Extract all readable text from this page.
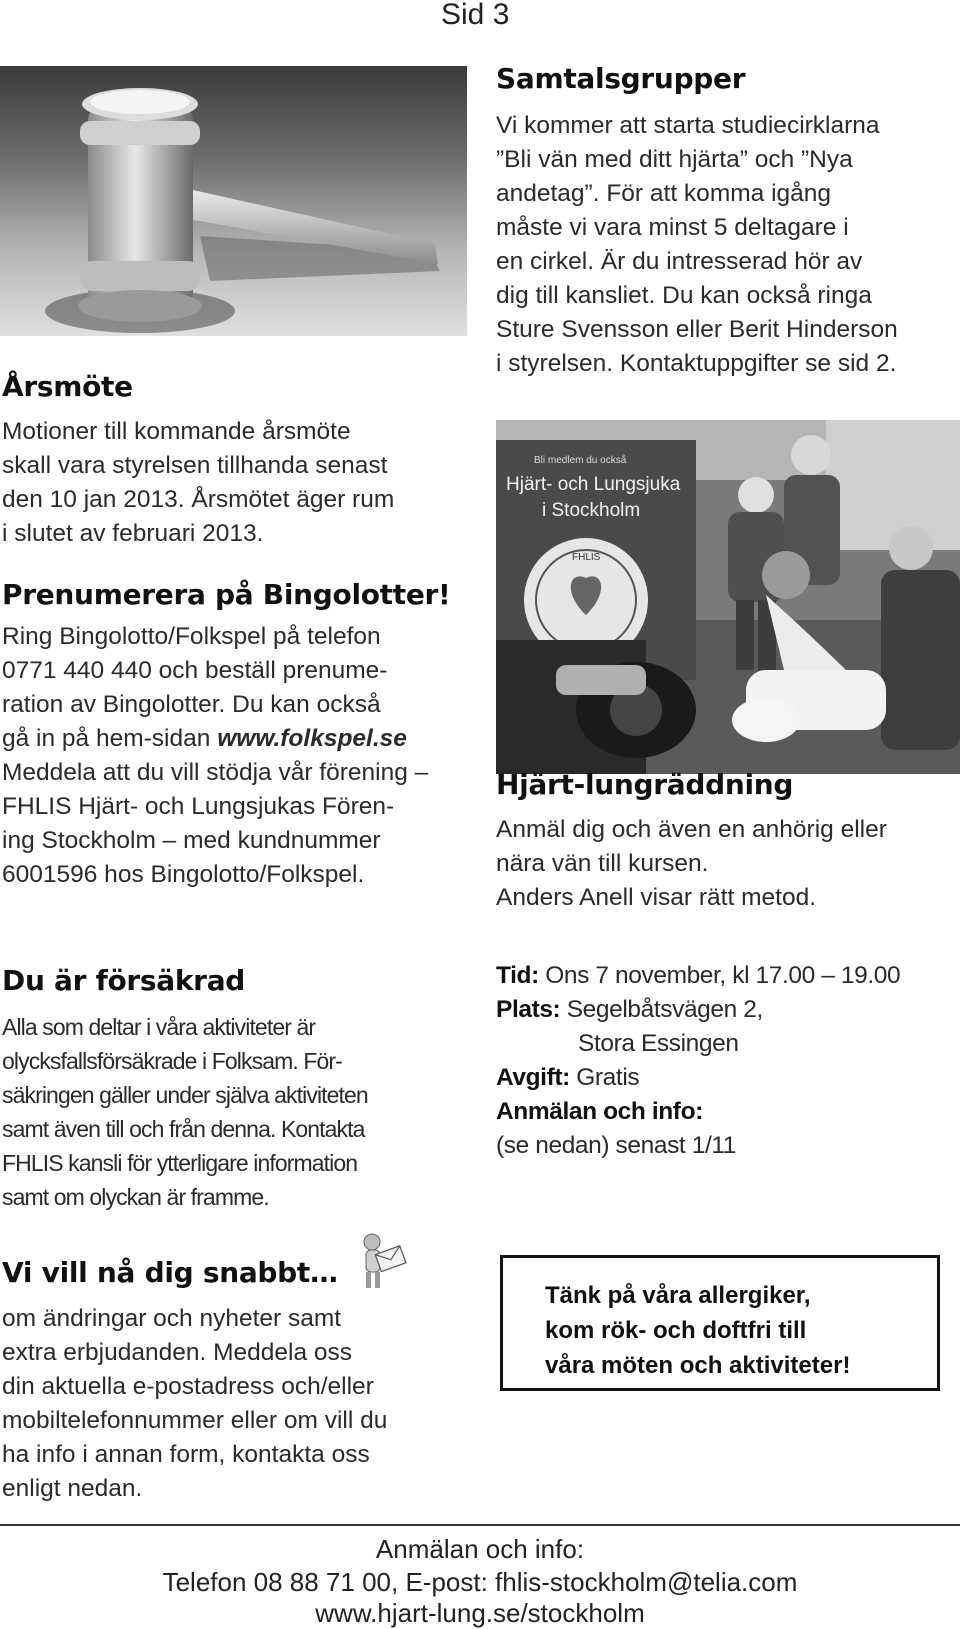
Sid 3
Årsmöte

Motioner till kommande årsmöte

skall vara styrelsen tillhanda senast

den 10 jan 2013. Årsmötet äger rum

i slutet av februari 2013.

Samtalsgrupper

Vi kommer att starta studiecirklarna

”Bli vän med ditt hjärta” och ”Nya

andetag”. För att komma igång

måste vi vara minst 5 deltagare i

en cirkel. Är du intresserad hör av

dig till kansliet. Du kan också ringa

Sture Svensson eller Berit Hinderson

i styrelsen. Kontaktuppgifter se sid 2.

Bli medlem du också
Hjärt- och Lungsjuka
i Stockholm
FHLIS
Prenumerera på Bingolotter!

Ring Bingolotto/Folkspel på telefon

0771 440 440 och beställ prenume-

ration av Bingolotter. Du kan också

gå in på hem-sidan www.folkspel.se

Meddela att du vill stödja vår förening –

FHLIS Hjärt- och Lungsjukas Fören-

ing Stockholm – med kundnummer

6001596 hos Bingolotto/Folkspel.

Hjärt-lungräddning

Anmäl dig och även en anhörig eller

nära vän till kursen.

Anders Anell visar rätt metod.

Tid: Ons 7 november, kl 17.00 – 19.00

Plats: Segelbåtsvägen 2,

Stora Essingen

Avgift: Gratis

Anmälan och info:

(se nedan) senast 1/11

Du är försäkrad

Alla som deltar i våra aktiviteter är

olycksfallsförsäkrade i Folksam. För-

säkringen gäller under själva aktiviteten

samt även till och från denna. Kontakta

FHLIS kansli för ytterligare information

samt om olyckan är framme.

Vi vill nå dig snabbt…

om ändringar och nyheter samt

extra erbjudanden. Meddela oss

din aktuella e-postadress och/eller

mobiltelefonnummer eller om vill du

ha info i annan form, kontakta oss

enligt nedan.

Tänk på våra allergiker,
kom rök- och doftfri till
våra möten och aktiviteter!

Anmälan och info:
Telefon 08 88 71 00, E-post: fhlis-stockholm@telia.com
www.hjart-lung.se/stockholm
